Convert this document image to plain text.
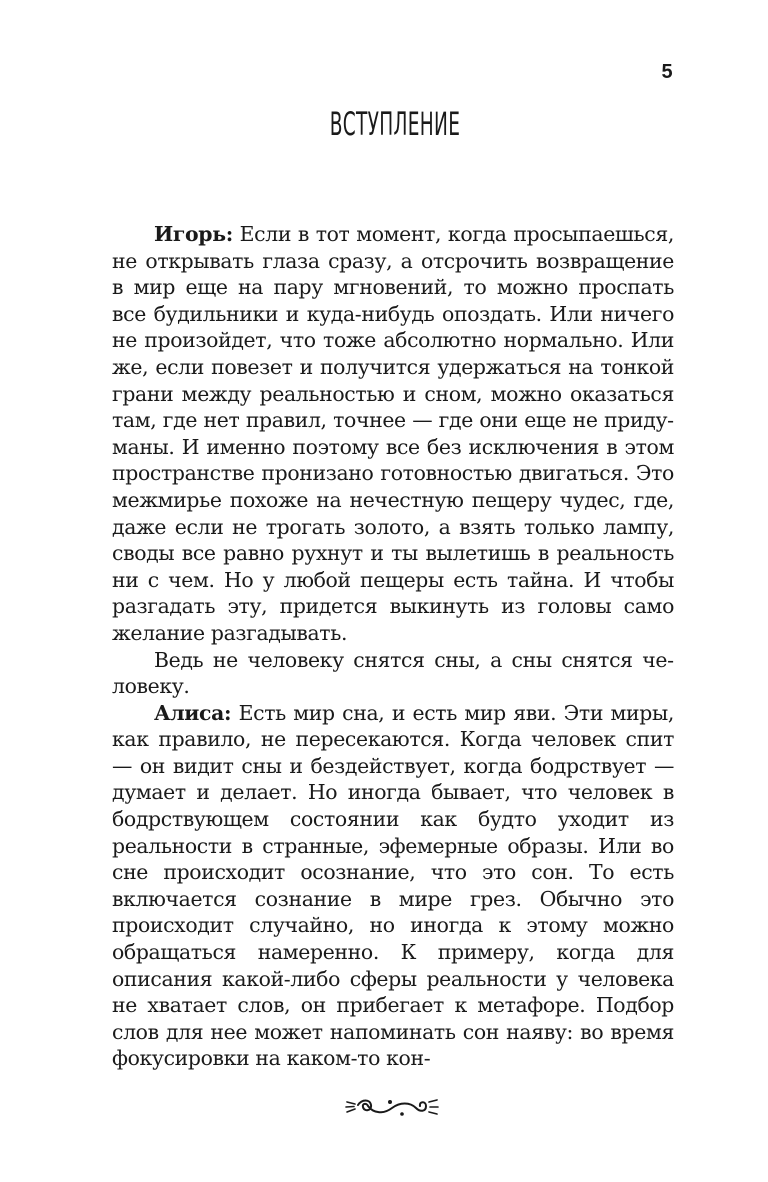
5
ВСТУПЛЕНИЕ

Игорь: Если в тот момент, когда просыпаешься, не открывать глаза сразу, а отсрочить возвращение в мир еще на пару мгновений, то можно проспать все будильники и куда-нибудь опоздать. Или ничего не произойдет, что тоже абсолютно нормально. Или же, если повезет и получится удержаться на тонкой грани между реальностью и сном, можно оказаться там, где нет правил, точнее — где они еще не придуманы. И именно поэтому все без исключения в этом пространстве пронизано готовностью двигаться. Это межмирье похоже на нечестную пещеру чудес, где, даже если не трогать золото, а взять только лампу, своды все равно рухнут и ты вылетишь в реальность ни с чем. Но у любой пещеры есть тайна. И чтобы разгадать эту, придется выкинуть из головы само желание разгадывать.

Ведь не человеку снятся сны, а сны снятся человеку.

Алиса: Есть мир сна, и есть мир яви. Эти миры, как правило, не пересекаются. Когда человек спит — он видит сны и бездействует, когда бодрствует — думает и делает. Но иногда бывает, что человек в бодрствующем состоянии как будто уходит из реальности в странные, эфемерные образы. Или во сне происходит осознание, что это сон. То есть включается сознание в мире грез. Обычно это происходит случайно, но иногда к этому можно обращаться намеренно. К примеру, когда для описания какой-либо сферы реальности у человека не хватает слов, он прибегает к метафоре. Подбор слов для нее может напоминать сон наяву: во время фокусировки на каком-то кон-
